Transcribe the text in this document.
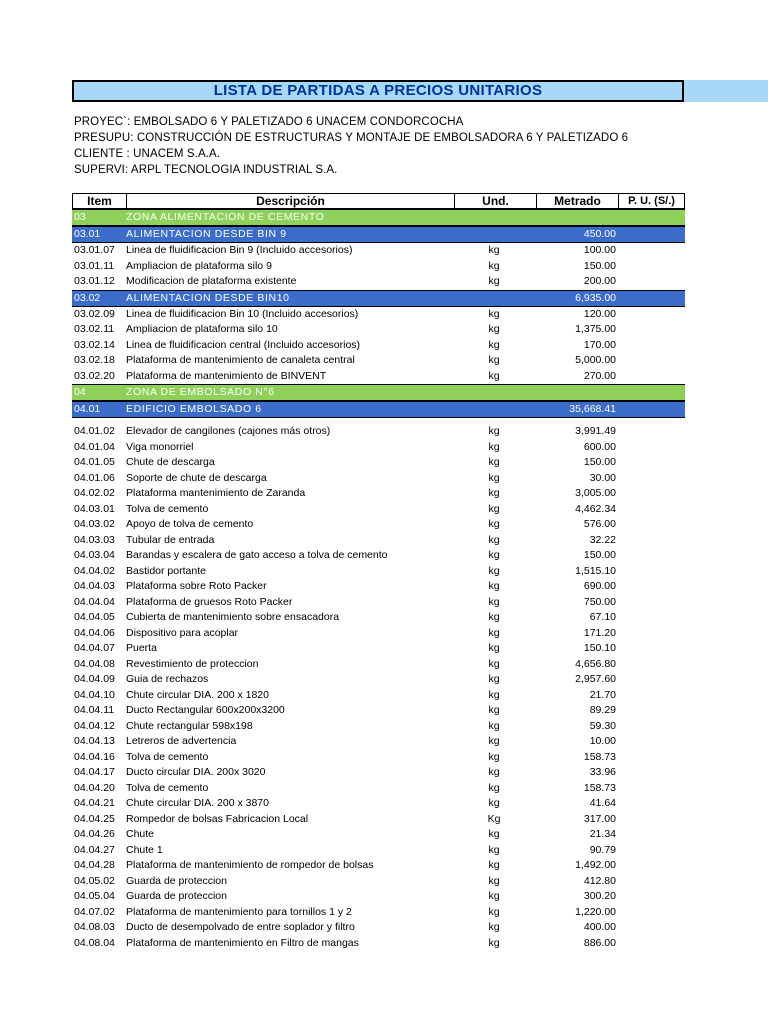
LISTA DE PARTIDAS A PRECIOS UNITARIOS
PROYEC`: EMBOLSADO 6 Y PALETIZADO 6 UNACEM CONDORCOCHA
PRESUPU: CONSTRUCCIÓN DE ESTRUCTURAS Y MONTAJE DE EMBOLSADORA 6 Y PALETIZADO 6
CLIENTE : UNACEM S.A.A.
SUPERVI: ARPL TECNOLOGIA INDUSTRIAL S.A.
Item	Descripción	Und.	Metrado	P. U. (S/.)
03	ZONA ALIMENTACION DE CEMENTO
03.01 ALIMENTACION DESDE BIN 9	450.00
03.01.07 Linea de fluidificacion Bin 9 (Incluido accesorios)	kg	100.00
03.01.11 Ampliacion de plataforma silo 9	kg	150.00
03.01.12 Modificacion de plataforma existente	kg	200.00
03.02 ALIMENTACION DESDE BIN10	6,935.00
03.02.09 Linea de fluidificacion Bin 10 (Incluido accesorios)	kg	120.00
03.02.11 Ampliacion de plataforma silo 10	kg	1,375.00
03.02.14 Linea de fluidificacion central (Incluido accesorios)	kg	170.00
03.02.18 Plataforma de mantenimiento de canaleta central	kg	5,000.00
03.02.20 Plataforma de mantenimiento de BINVENT	kg	270.00
04	ZONA DE EMBOLSADO N°6
04.01 EDIFICIO EMBOLSADO 6	35,668.41
04.01.02 Elevador de cangilones (cajones más otros)	kg	3,991.49
04.01.04 Viga monorriel	kg	600.00
04.01.05 Chute de descarga	kg	150.00
04.01.06 Soporte de chute de descarga	kg	30.00
04.02.02 Plataforma mantenimiento de Zaranda	kg	3,005.00
04.03.01 Tolva de cemento	kg	4,462.34
04.03.02 Apoyo de tolva de cemento	kg	576.00
04.03.03 Tubular de entrada	kg	32.22
04.03.04 Barandas y escalera de gato acceso a tolva de cemento	kg	150.00
04.04.02 Bastidor portante	kg	1,515.10
04.04.03 Plataforma sobre Roto Packer	kg	690.00
04.04.04 Plataforma de gruesos Roto Packer	kg	750.00
04.04.05 Cubierta de mantenimiento sobre ensacadora	kg	67.10
04.04.06 Dispositivo para acoplar	kg	171.20
04.04.07 Puerta	kg	150.10
04.04.08 Revestimiento de proteccion	kg	4,656.80
04.04.09 Guia de rechazos	kg	2,957.60
04.04.10 Chute circular DIA. 200 x 1820	kg	21.70
04.04.11 Ducto Rectangular 600x200x3200	kg	89.29
04.04.12 Chute rectangular 598x198	kg	59.30
04.04.13 Letreros de advertencia	kg	10.00
04.04.16 Tolva de cemento	kg	158.73
04.04.17 Ducto circular DIA. 200x 3020	kg	33.96
04.04.20 Tolva de cemento	kg	158.73
04.04.21 Chute circular DIA. 200 x 3870	kg	41.64
04.04.25 Rompedor de bolsas Fabricacion Local	Kg	317.00
04.04.26 Chute	kg	21.34
04.04.27 Chute 1	kg	90.79
04.04.28 Plataforma de mantenimiento de rompedor de bolsas	kg	1,492.00
04.05.02 Guarda de proteccion	kg	412.80
04.05.04 Guarda de proteccion	kg	300.20
04.07.02 Plataforma de mantenimiento para tornillos 1 y 2	kg	1,220.00
04.08.03 Ducto de desempolvado de entre soplador y filtro	kg	400.00
04.08.04 Plataforma de mantenimiento en Filtro de mangas	kg	886.00
